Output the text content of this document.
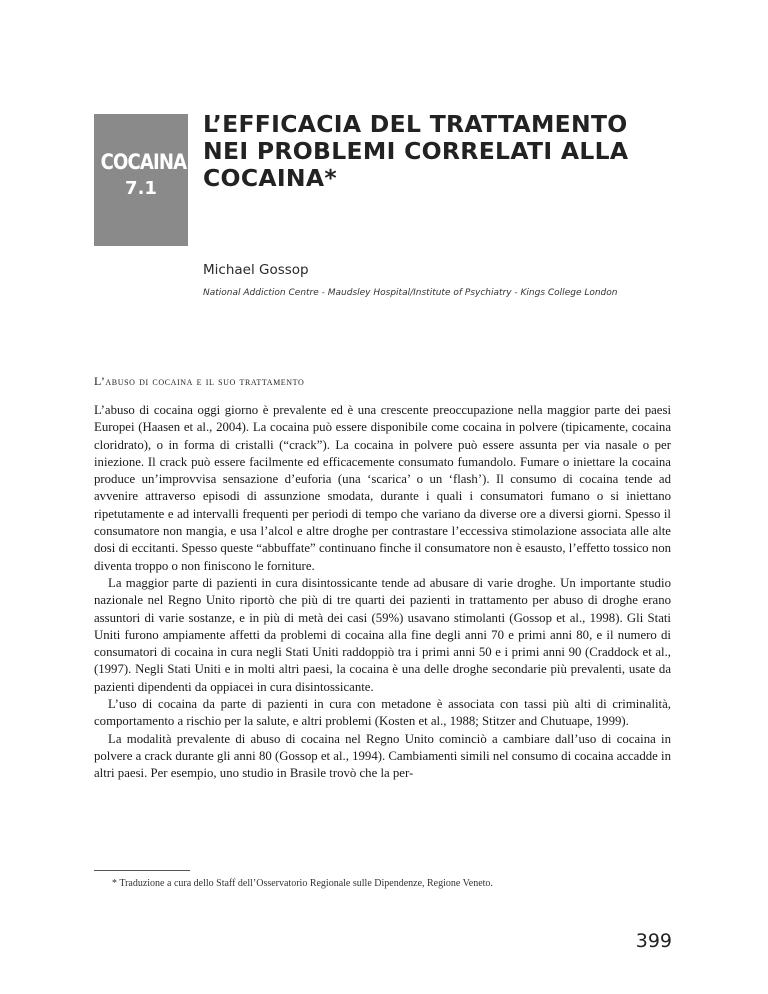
COCAINA
7.1
L’EFFICACIA DEL TRATTAMENTO
NEI PROBLEMI CORRELATI ALLA
COCAINA*
Michael Gossop
National Addiction Centre - Maudsley Hospital/Institute of Psychiatry - Kings College London
L’abuso di cocaina e il suo trattamento

L’abuso di cocaina oggi giorno è prevalente ed è una crescente preoccupazione nella maggior parte dei paesi Europei (Haasen et al., 2004). La cocaina può essere disponibile come cocaina in polvere (tipicamente, cocaina cloridrato), o in forma di cristalli (“crack”). La cocaina in polvere può essere assunta per via nasale o per iniezione. Il crack può essere facilmente ed efficacemente consumato fumandolo. Fumare o iniettare la cocaina produce un’improvvisa sensazione d’euforia (una ‘scarica’ o un ‘flash’). Il consumo di cocaina tende ad avvenire attraverso episodi di assunzione smodata, durante i quali i consumatori fumano o si iniettano ripetutamente e ad intervalli frequenti per periodi di tempo che variano da diverse ore a diversi giorni. Spesso il consumatore non mangia, e usa l’alcol e altre droghe per contrastare l’eccessiva stimolazione associata alle alte dosi di eccitanti. Spesso queste “abbuffate” continuano finche il consumatore non è esausto, l’effetto tossico non diventa troppo o non finiscono le forniture.

La maggior parte di pazienti in cura disintossicante tende ad abusare di varie droghe. Un importante studio nazionale nel Regno Unito riportò che più di tre quarti dei pazienti in trattamento per abuso di droghe erano assuntori di varie sostanze, e in più di metà dei casi (59%) usavano stimolanti (Gossop et al., 1998). Gli Stati Uniti furono ampiamente affetti da problemi di cocaina alla fine degli anni 70 e primi anni 80, e il numero di consumatori di cocaina in cura negli Stati Uniti raddoppiò tra i primi anni 50 e i primi anni 90 (Craddock et al., (1997). Negli Stati Uniti e in molti altri paesi, la cocaina è una delle droghe secondarie più prevalenti, usate da pazienti dipendenti da oppiacei in cura disintossicante.

L’uso di cocaina da parte di pazienti in cura con metadone è associata con tassi più alti di criminalità, comportamento a rischio per la salute, e altri problemi (Kosten et al., 1988; Stitzer and Chutuape, 1999).

La modalità prevalente di abuso di cocaina nel Regno Unito cominciò a cambiare dall’uso di cocaina in polvere a crack durante gli anni 80 (Gossop et al., 1994). Cambiamenti simili nel consumo di cocaina accadde in altri paesi. Per esempio, uno studio in Brasile trovò che la per-

* Traduzione a cura dello Staff dell’Osservatorio Regionale sulle Dipendenze, Regione Veneto.
399
